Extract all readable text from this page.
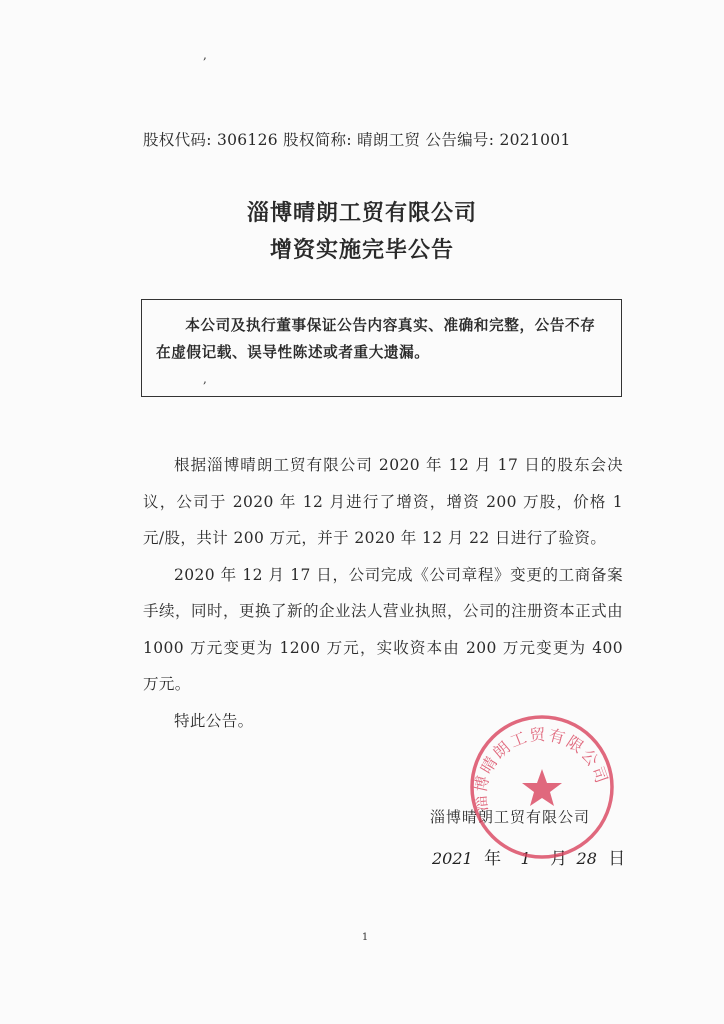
股权代码: 306126 股权简称: 晴朗工贸 公告编号: 2021001
淄博晴朗工贸有限公司
增资实施完毕公告
本公司及执行董事保证公告内容真实、准确和完整，公告不存在虚假记载、误导性陈述或者重大遗漏。

根据淄博晴朗工贸有限公司 2020 年 12 月 17 日的股东会决议，公司于 2020 年 12 月进行了增资，增资 200 万股，价格 1 元/股，共计 200 万元，并于 2020 年 12 月 22 日进行了验资。

2020 年 12 月 17 日，公司完成《公司章程》变更的工商备案手续，同时，更换了新的企业法人营业执照，公司的注册资本正式由 1000 万元变更为 1200 万元，实收资本由 200 万元变更为 400 万元。

特此公告。

淄博晴朗工贸有限公司
2021 年 1 月 28 日
淄博晴朗工贸有限公司
1
,
,
